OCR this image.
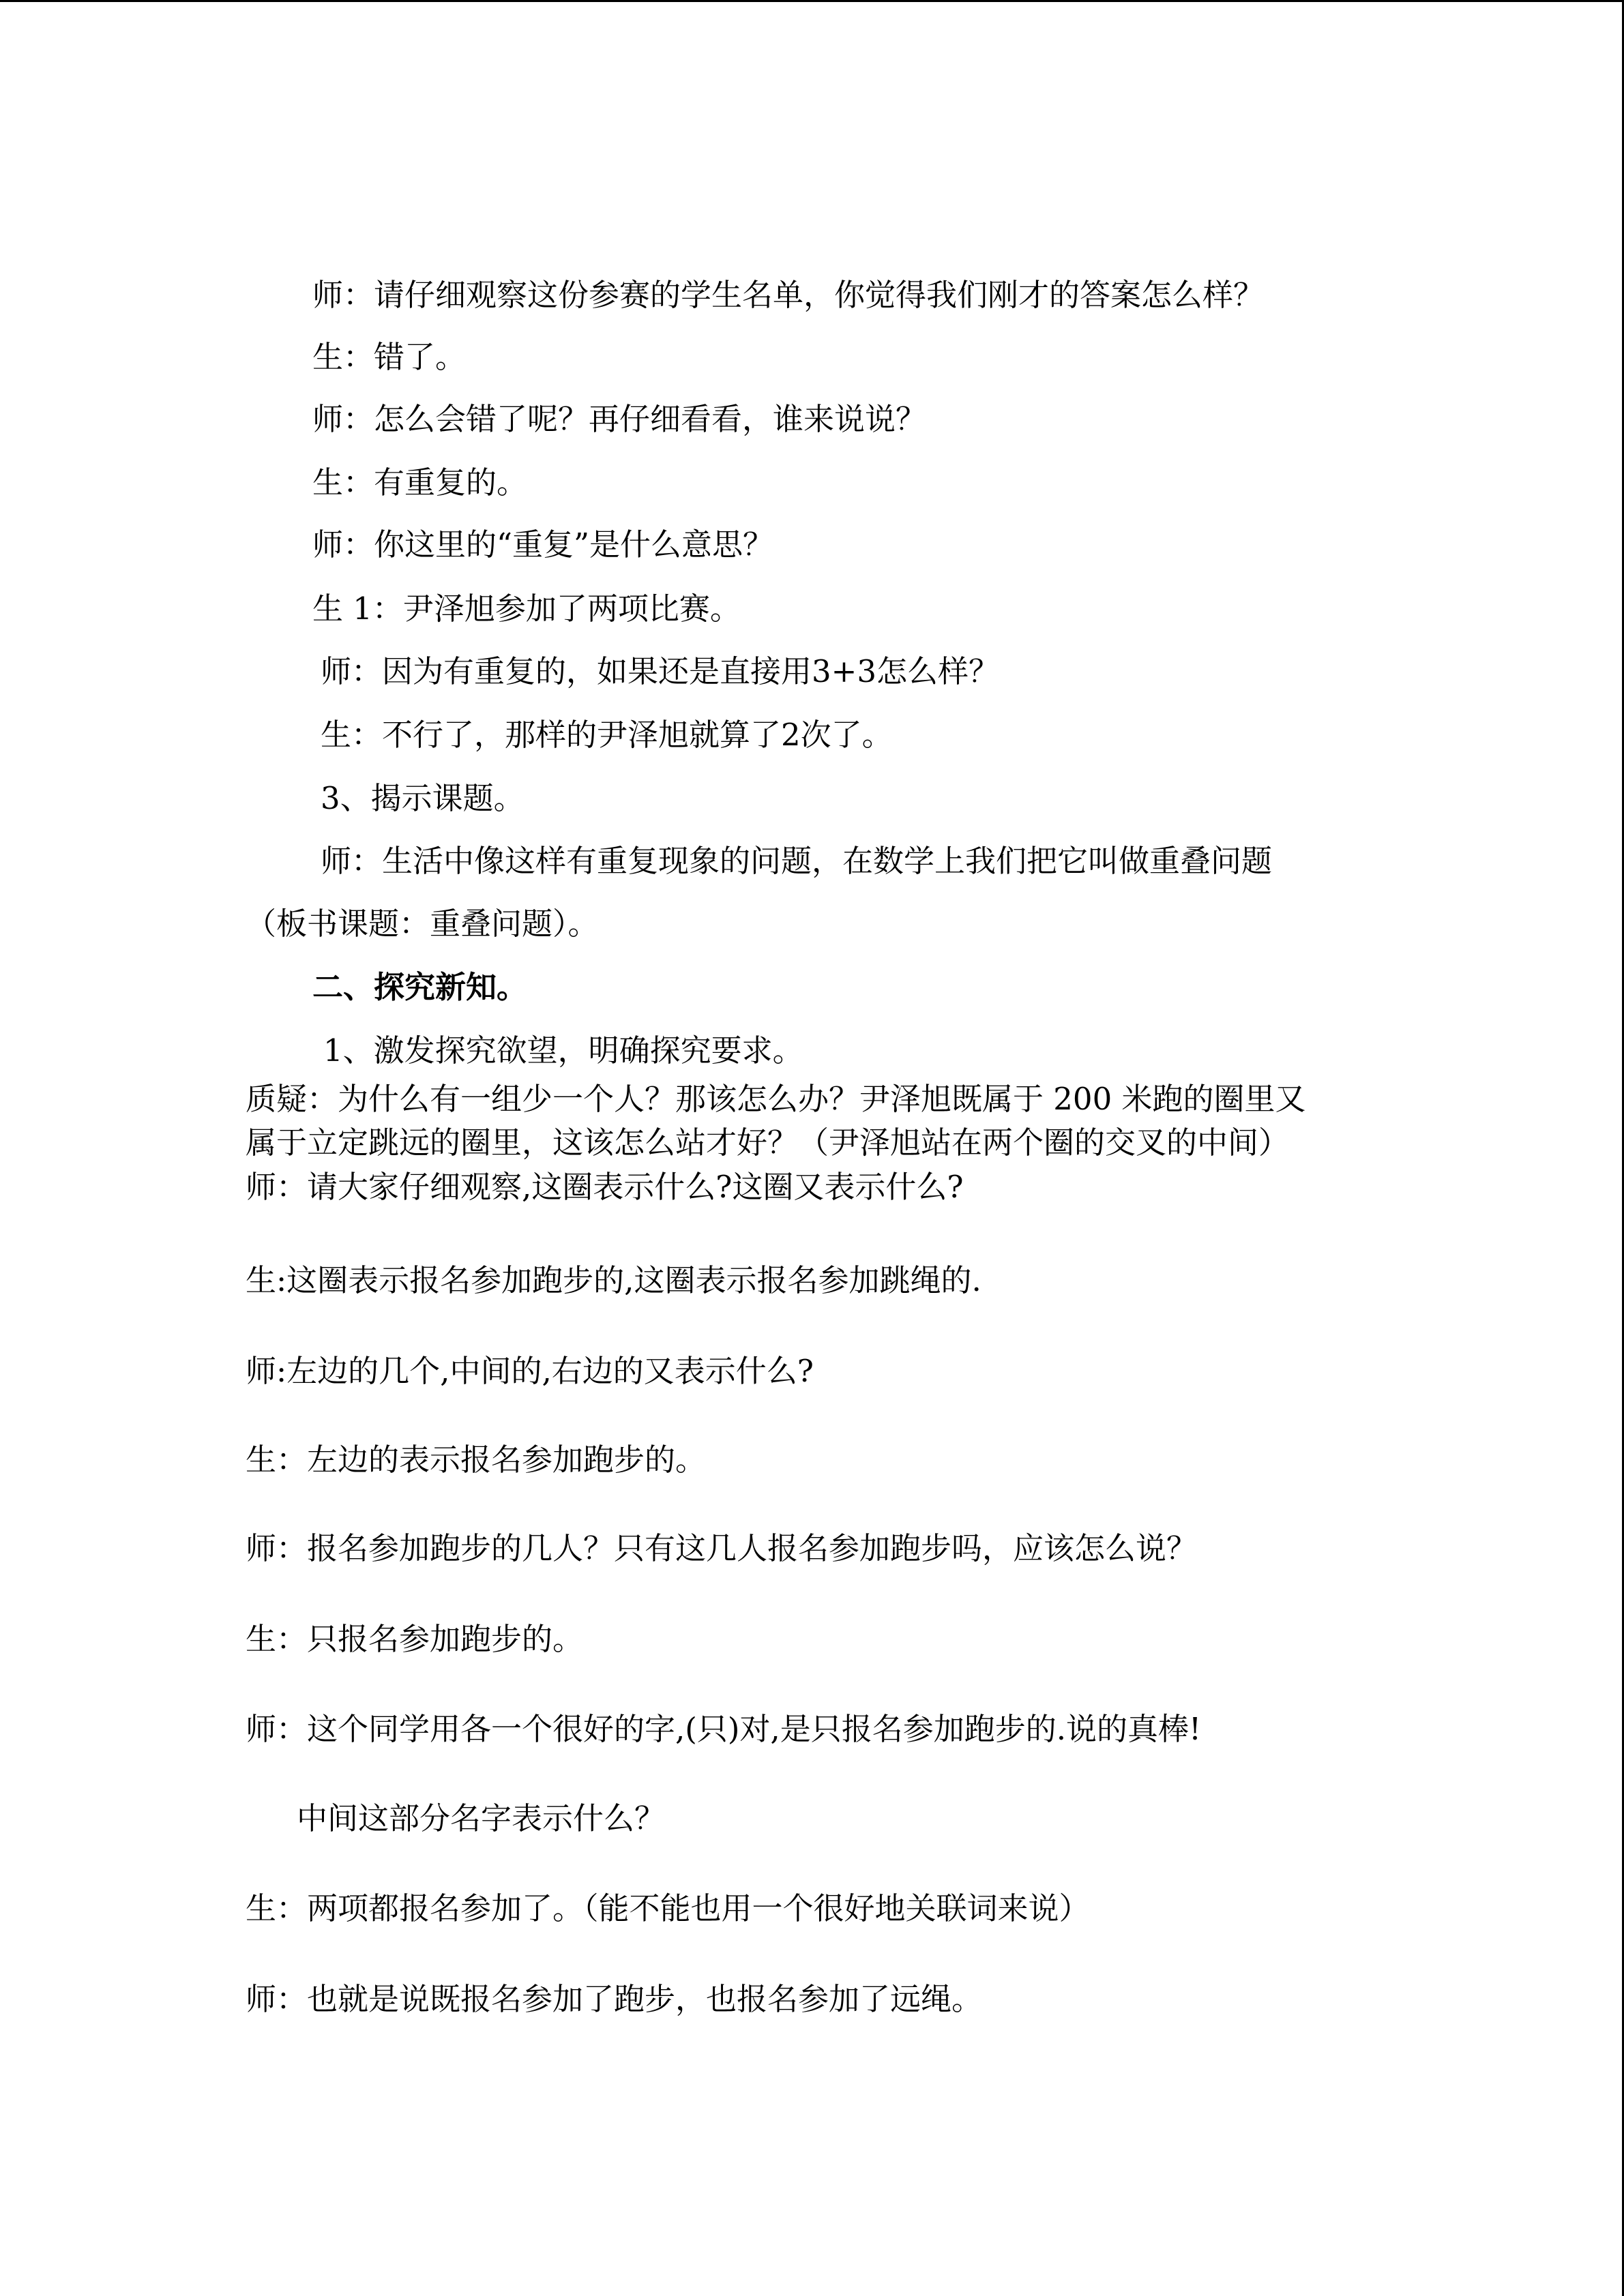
师：请仔细观察这份参赛的学生名单，你觉得我们刚才的答案怎么样？
生：错了。
师：怎么会错了呢？再仔细看看，谁来说说？
生：有重复的。
师：你这里的“重复”是什么意思？
生 1：尹泽旭参加了两项比赛。
师：因为有重复的，如果还是直接用3+3怎么样？
生：不行了，那样的尹泽旭就算了2次了。
3、揭示课题。
师：生活中像这样有重复现象的问题，在数学上我们把它叫做重叠问题
（板书课题：重叠问题）。
二、探究新知。
1、激发探究欲望，明确探究要求。
质疑：为什么有一组少一个人？那该怎么办？尹泽旭既属于 200 米跑的圈里又
属于立定跳远的圈里，这该怎么站才好？（尹泽旭站在两个圈的交叉的中间）
师：请大家仔细观察,这圈表示什么?这圈又表示什么?
生:这圈表示报名参加跑步的,这圈表示报名参加跳绳的.
师:左边的几个,中间的,右边的又表示什么?
生：左边的表示报名参加跑步的。
师：报名参加跑步的几人？只有这几人报名参加跑步吗，应该怎么说？
生：只报名参加跑步的。
师：这个同学用各一个很好的字,(只)对,是只报名参加跑步的.说的真棒!
中间这部分名字表示什么？
生：两项都报名参加了。（能不能也用一个很好地关联词来说）
师：也就是说既报名参加了跑步，也报名参加了远绳。
